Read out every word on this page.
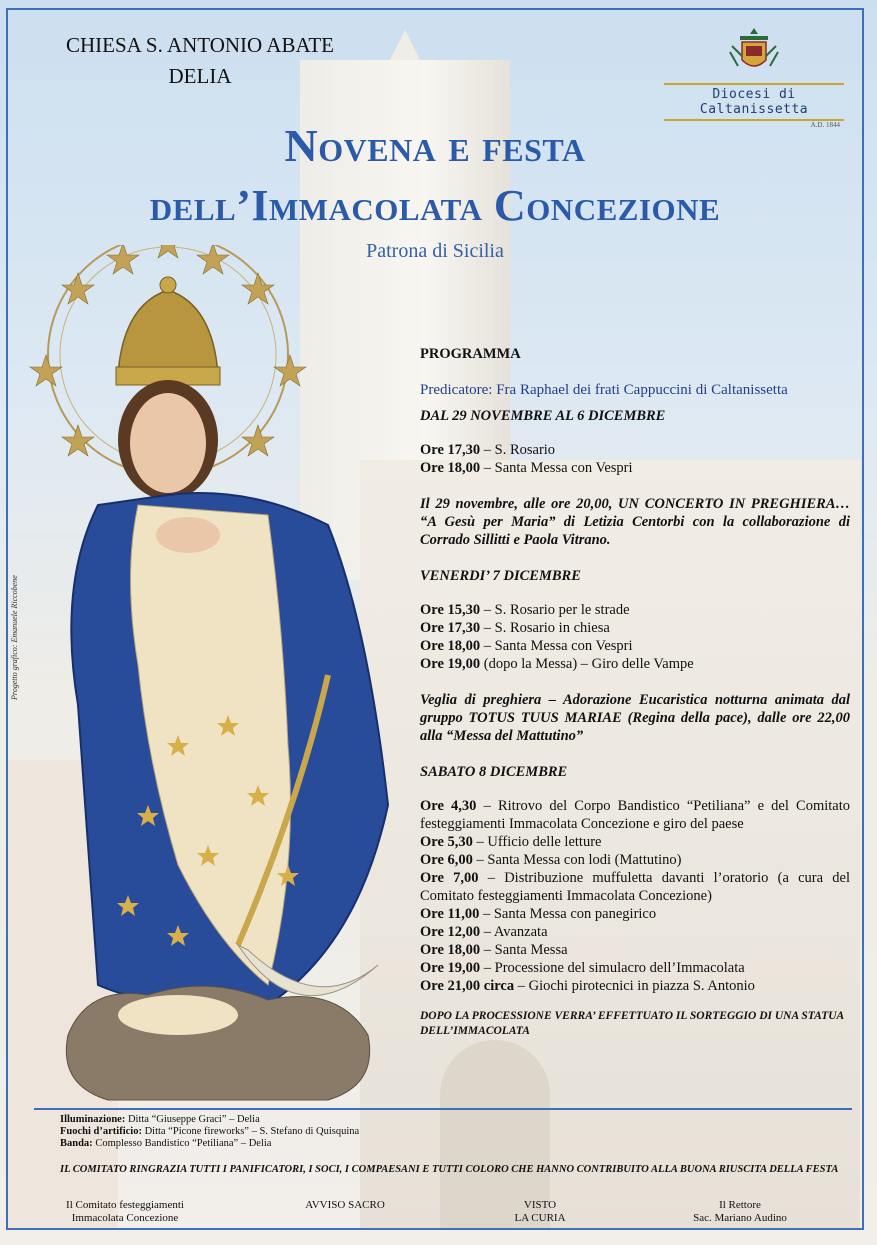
CHIESA S. ANTONIO ABATE
DELIA
Diocesi di Caltanissetta
A.D. 1844
Novena e festa
dell’Immacolata Concezione
Patrona di Sicilia
Progetto grafico: Emanuele Riccobene

PROGRAMMA

Predicatore: Fra Raphael dei frati Cappuccini di Caltanissetta

DAL 29 NOVEMBRE AL 6 DICEMBRE

Ore 17,30 – S. Rosario

Ore 18,00 – Santa Messa con Vespri

Il 29 novembre, alle ore 20,00, UN CONCERTO IN PREGHIERA… “A Gesù per Maria” di Letizia Centorbi con la collaborazione di Corrado Sillitti e Paola Vitrano.

VENERDI’ 7 DICEMBRE

Ore 15,30 – S. Rosario per le strade

Ore 17,30 – S. Rosario in chiesa

Ore 18,00 – Santa Messa con Vespri

Ore 19,00 (dopo la Messa) – Giro delle Vampe

Veglia di preghiera – Adorazione Eucaristica notturna animata dal gruppo TOTUS TUUS MARIAE (Regina della pace), dalle ore 22,00 alla “Messa del Mattutino”

SABATO 8 DICEMBRE

Ore 4,30 – Ritrovo del Corpo Bandistico “Petiliana” e del Comitato festeggiamenti Immacolata Concezione e giro del paese

Ore 5,30 – Ufficio delle letture

Ore 6,00 – Santa Messa con lodi (Mattutino)

Ore 7,00 – Distribuzione muffuletta davanti l’oratorio (a cura del Comitato festeggiamenti Immacolata Concezione)

Ore 11,00 – Santa Messa con panegirico

Ore 12,00 – Avanzata

Ore 18,00 – Santa Messa

Ore 19,00 – Processione del simulacro dell’Immacolata

Ore 21,00 circa – Giochi pirotecnici in piazza S. Antonio

DOPO LA PROCESSIONE VERRA’ EFFETTUATO IL SORTEGGIO DI UNA STATUA DELL’IMMACOLATA

Illuminazione: Ditta “Giuseppe Graci” – Delia

Fuochi d’artificio: Ditta “Picone fireworks” – S. Stefano di Quisquina

Banda: Complesso Bandistico “Petiliana” – Delia

IL COMITATO RINGRAZIA TUTTI I PANIFICATORI, I SOCI, I COMPAESANI E TUTTI COLORO CHE HANNO CONTRIBUITO ALLA BUONA RIUSCITA DELLA FESTA
Il Comitato festeggiamenti
Immacolata Concezione
AVVISO SACRO	VISTO
LA CURIA
Il Rettore
Sac. Mariano Audino
